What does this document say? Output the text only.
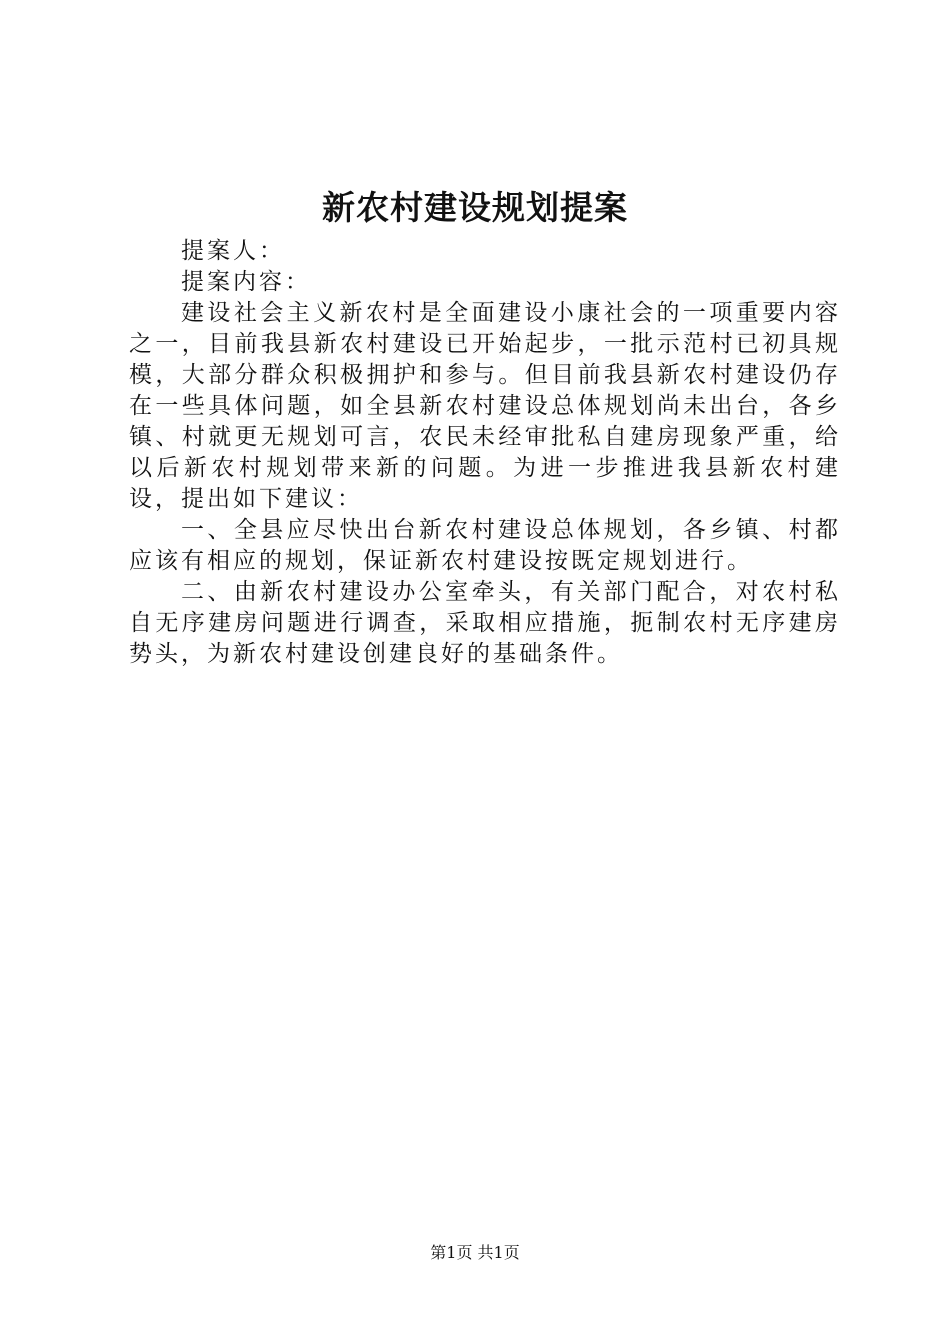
新农村建设规划提案

提案人：

提案内容：

建设社会主义新农村是全面建设小康社会的一项重要内容之一，目前我县新农村建设已开始起步，一批示范村已初具规模，大部分群众积极拥护和参与。但目前我县新农村建设仍存在一些具体问题，如全县新农村建设总体规划尚未出台，各乡镇、村就更无规划可言，农民未经审批私自建房现象严重，给以后新农村规划带来新的问题。为进一步推进我县新农村建设，提出如下建议：

一、全县应尽快出台新农村建设总体规划，各乡镇、村都应该有相应的规划，保证新农村建设按既定规划进行。

二、由新农村建设办公室牵头，有关部门配合，对农村私自无序建房问题进行调查，采取相应措施，扼制农村无序建房势头，为新农村建设创建良好的基础条件。

第1页 共1页
